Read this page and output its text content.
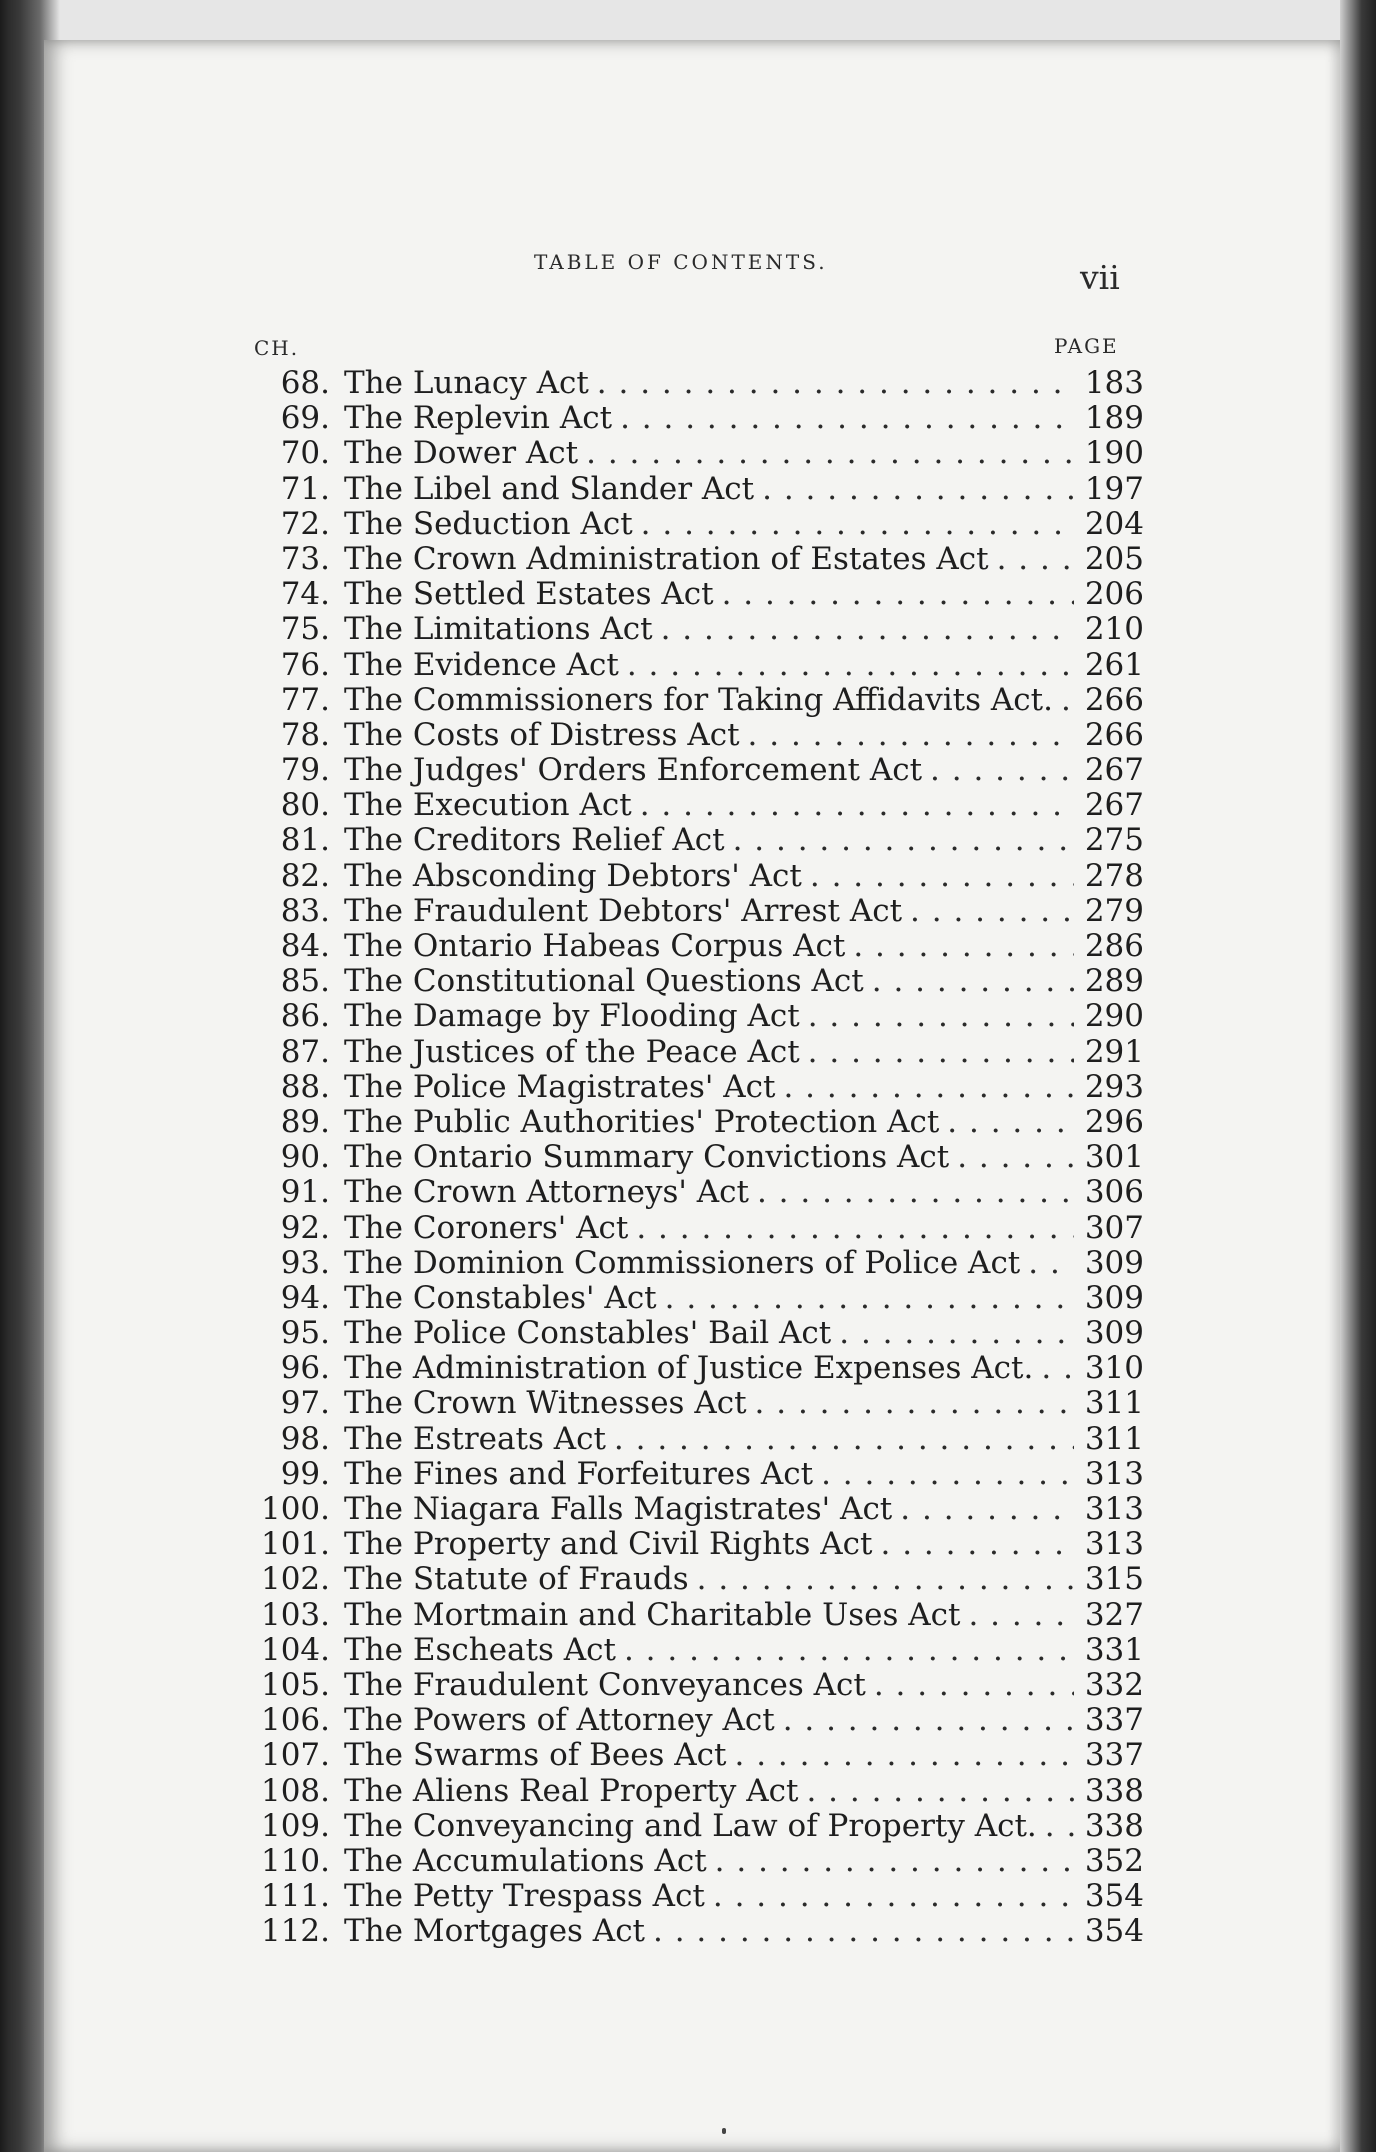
TABLE OF CONTENTS.	vii
CH.	PAGE
68. The Lunacy Act . . .	183
69. The Replevin Act . . .	189
70. The Dower Act . . .	190
71. The Libel and Slander Act . . .	197
72. The Seduction Act . . .	204
73. The Crown Administration of Estates Act . . .	205
74. The Settled Estates Act . . .	206
75. The Limitations Act . . .	210
76. The Evidence Act . . .	261
77. The Commissioners for Taking Affidavits Act. . . . 266
78. The Costs of Distress Act . . .	266
79. The Judges' Orders Enforcement Act . . .	267
80. The Execution Act . . .	267
81. The Creditors Relief Act . . .	275
82. The Absconding Debtors' Act . . .	278
83. The Fraudulent Debtors' Arrest Act . . .	279
84. The Ontario Habeas Corpus Act . . .	286
85. The Constitutional Questions Act . . .	289
86. The Damage by Flooding Act . . .	290
87. The Justices of the Peace Act . . .	291
88. The Police Magistrates' Act . . .	293
89. The Public Authorities' Protection Act . . .	296
90. The Ontario Summary Convictions Act . . .	301
91. The Crown Attorneys' Act . . .	306
92. The Coroners' Act . . .	307
93. The Dominion Commissioners of Police Act . . . 309
94. The Constables' Act . . .	309
95. The Police Constables' Bail Act . . .	309
96. The Administration of Justice Expenses Act. . . . 310
97. The Crown Witnesses Act . . .	311
98. The Estreats Act . . .	311
99. The Fines and Forfeitures Act . . .	313
100. The Niagara Falls Magistrates' Act . . .	313
101. The Property and Civil Rights Act . . .	313
102. The Statute of Frauds . . .	315
103. The Mortmain and Charitable Uses Act . . .	327
104. The Escheats Act . . .	331
105. The Fraudulent Conveyances Act . . .	332
106. The Powers of Attorney Act . . .	337
107. The Swarms of Bees Act . . .	337
108. The Aliens Real Property Act . . .	338
109. The Conveyancing and Law of Property Act. . . . 338
110. The Accumulations Act . . .	352
111. The Petty Trespass Act . . .	354
112. The Mortgages Act . . .	354
